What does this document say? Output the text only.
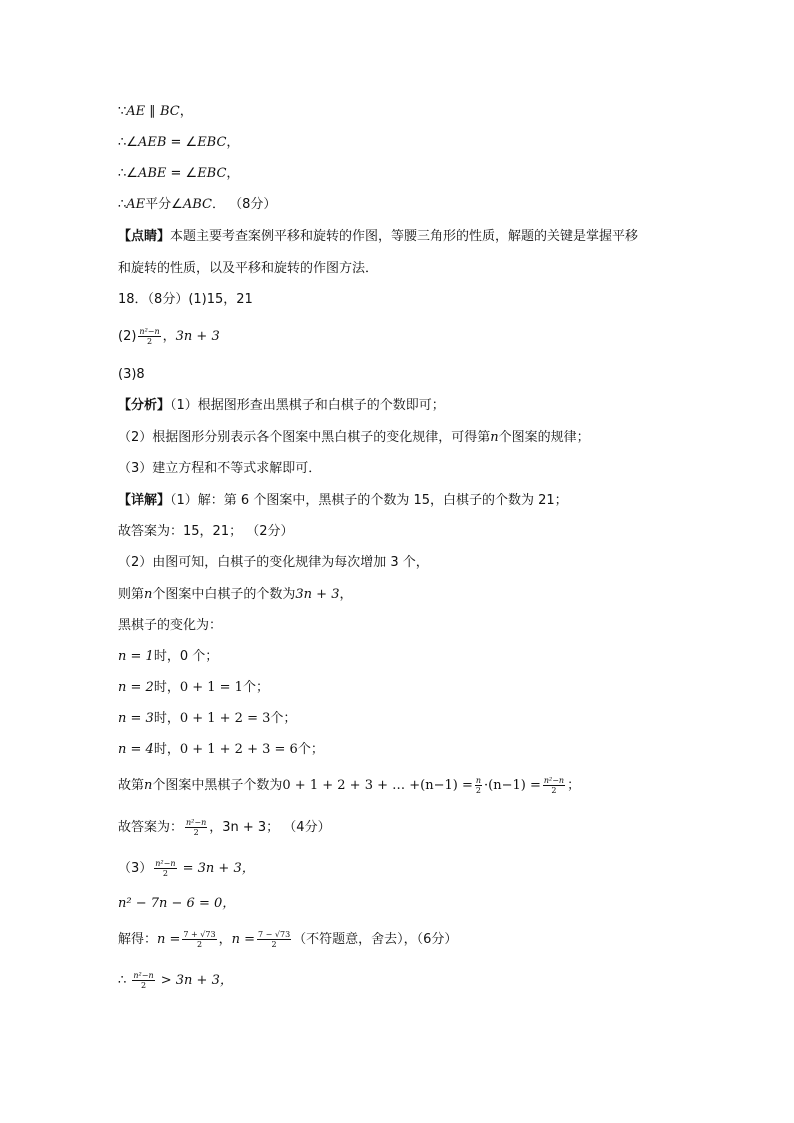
∵AE ∥ BC，
∴∠AEB = ∠EBC，
∴∠ABE = ∠EBC，
∴AE平分∠ABC． （8分）
【点睛】本题主要考查案例平移和旋转的作图，等腰三角形的性质，解题的关键是掌握平移
和旋转的性质，以及平移和旋转的作图方法．
18．（8分）(1)15，21
$(2) \frac{\text{n²−n}}{2}$ ，3n + 3
(3)8
【分析】（1）根据图形查出黑棋子和白棋子的个数即可；
（2）根据图形分别表示各个图案中黑白棋子的变化规律，可得第n个图案的规律；
（3）建立方程和不等式求解即可．
【详解】（1）解：第 6 个图案中，黑棋子的个数为 15，白棋子的个数为 21；
故答案为：15，21； （2分）
（2）由图可知，白棋子的变化规律为每次增加 3 个，
则第n个图案中白棋子的个数为3n + 3，
黑棋子的变化为：
n = 1时，0 个；
n = 2时，0 + 1 = 1个；
n = 3时，0 + 1 + 2 = 3个；
n = 4时，0 + 1 + 2 + 3 = 6个；
故第n个图案中黑棋子个数为0 + 1 + 2 + 3 + … $+(n-1) = \frac{n}{2} \cdot(n-1) = \frac{\text{n²−n}}{2}$ ；
故答案为： $\frac{\text{n²−n}}{2}$ ，3n + 3； （4分）
$(3) \frac{\text{n²−n}}{2} = 3n + 3$，
n² − 7n − 6 = 0，
解得：$n = \frac{7 + √73}{2}$ ，$n = \frac{7 - √73}{2}$ （不符题意，舍去），（6分）
∴ $\frac{\text{n²−n}}{2} > 3n + 3$，
